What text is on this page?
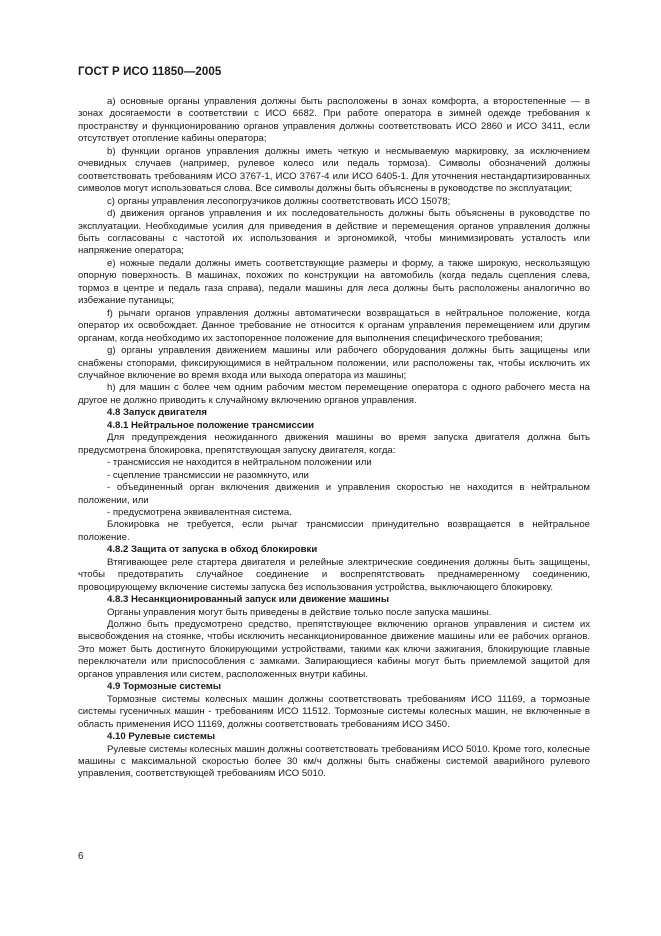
ГОСТ Р ИСО 11850—2005

a) основные органы управления должны быть расположены в зонах комфорта, а второстепенные — в зонах досягаемости в соответствии с ИСО 6682. При работе оператора в зимней одежде требования к пространству и функционированию органов управления должны соответствовать ИСО 2860 и ИСО 3411, если отсутствует отопление кабины оператора;

b) функции органов управления должны иметь четкую и несмываемую маркировку, за исключением очевидных случаев (например, рулевое колесо или педаль тормоза). Символы обозначений должны соответствовать требованиям ИСО 3767-1, ИСО 3767-4 или ИСО 6405-1. Для уточнения нестандартизированных символов могут использоваться слова. Все символы должны быть объяснены в руководстве по эксплуатации;

c) органы управления лесопогрузчиков должны соответствовать ИСО 15078;

d) движения органов управления и их последовательность должны быть объяснены в руководстве по эксплуатации. Необходимые усилия для приведения в действие и перемещения органов управления должны быть согласованы с частотой их использования и эргономикой, чтобы минимизировать усталость или напряжение оператора;

e) ножные педали должны иметь соответствующие размеры и форму, а также широкую, нескользящую опорную поверхность. В машинах, похожих по конструкции на автомобиль (когда педаль сцепления слева, тормоз в центре и педаль газа справа), педали машины для леса должны быть расположены аналогично во избежание путаницы;

f) рычаги органов управления должны автоматически возвращаться в нейтральное положение, когда оператор их освобождает. Данное требование не относится к органам управления перемещением или другим органам, когда необходимо их застопоренное положение для выполнения специфического требования;

g) органы управления движением машины или рабочего оборудования должны быть защищены или снабжены стопорами, фиксирующимися в нейтральном положении, или расположены так, чтобы исключить их случайное включение во время входа или выхода оператора из машины;

h) для машин с более чем одним рабочим местом перемещение оператора с одного рабочего места на другое не должно приводить к случайному включению органов управления.

4.8 Запуск двигателя

4.8.1 Нейтральное положение трансмиссии

Для предупреждения неожиданного движения машины во время запуска двигателя должна быть предусмотрена блокировка, препятствующая запуску двигателя, когда:

- трансмиссия не находится в нейтральном положении или

- сцепление трансмиссии не разомкнуто, или

- объединенный орган включения движения и управления скоростью не находится в нейтральном положении, или

- предусмотрена эквивалентная система.

Блокировка не требуется, если рычаг трансмиссии принудительно возвращается в нейтральное положение.

4.8.2 Защита от запуска в обход блокировки

Втягивающее реле стартера двигателя и релейные электрические соединения должны быть защищены, чтобы предотвратить случайное соединение и воспрепятствовать преднамеренному соединению, провоцирующему включение системы запуска без использования устройства, выключающего блокировку.

4.8.3 Несанкционированный запуск или движение машины

Органы управления могут быть приведены в действие только после запуска машины.

Должно быть предусмотрено средство, препятствующее включению органов управления и систем их высвобождения на стоянке, чтобы исключить несанкционированное движение машины или ее рабочих органов. Это может быть достигнуто блокирующими устройствами, такими как ключи зажигания, блокирующие главные переключатели или приспособления с замками. Запирающиеся кабины могут быть приемлемой защитой для органов управления или систем, расположенных внутри кабины.

4.9 Тормозные системы

Тормозные системы колесных машин должны соответствовать требованиям ИСО 11169, а тормозные системы гусеничных машин - требованиям ИСО 11512. Тормозные системы колесных машин, не включенные в область применения ИСО 11169, должны соответствовать требованиям ИСО 3450.

4.10 Рулевые системы

Рулевые системы колесных машин должны соответствовать требованиям ИСО 5010. Кроме того, колесные машины с максимальной скоростью более 30 км/ч должны быть снабжены системой аварийного рулевого управления, соответствующей требованиям ИСО 5010.

6
